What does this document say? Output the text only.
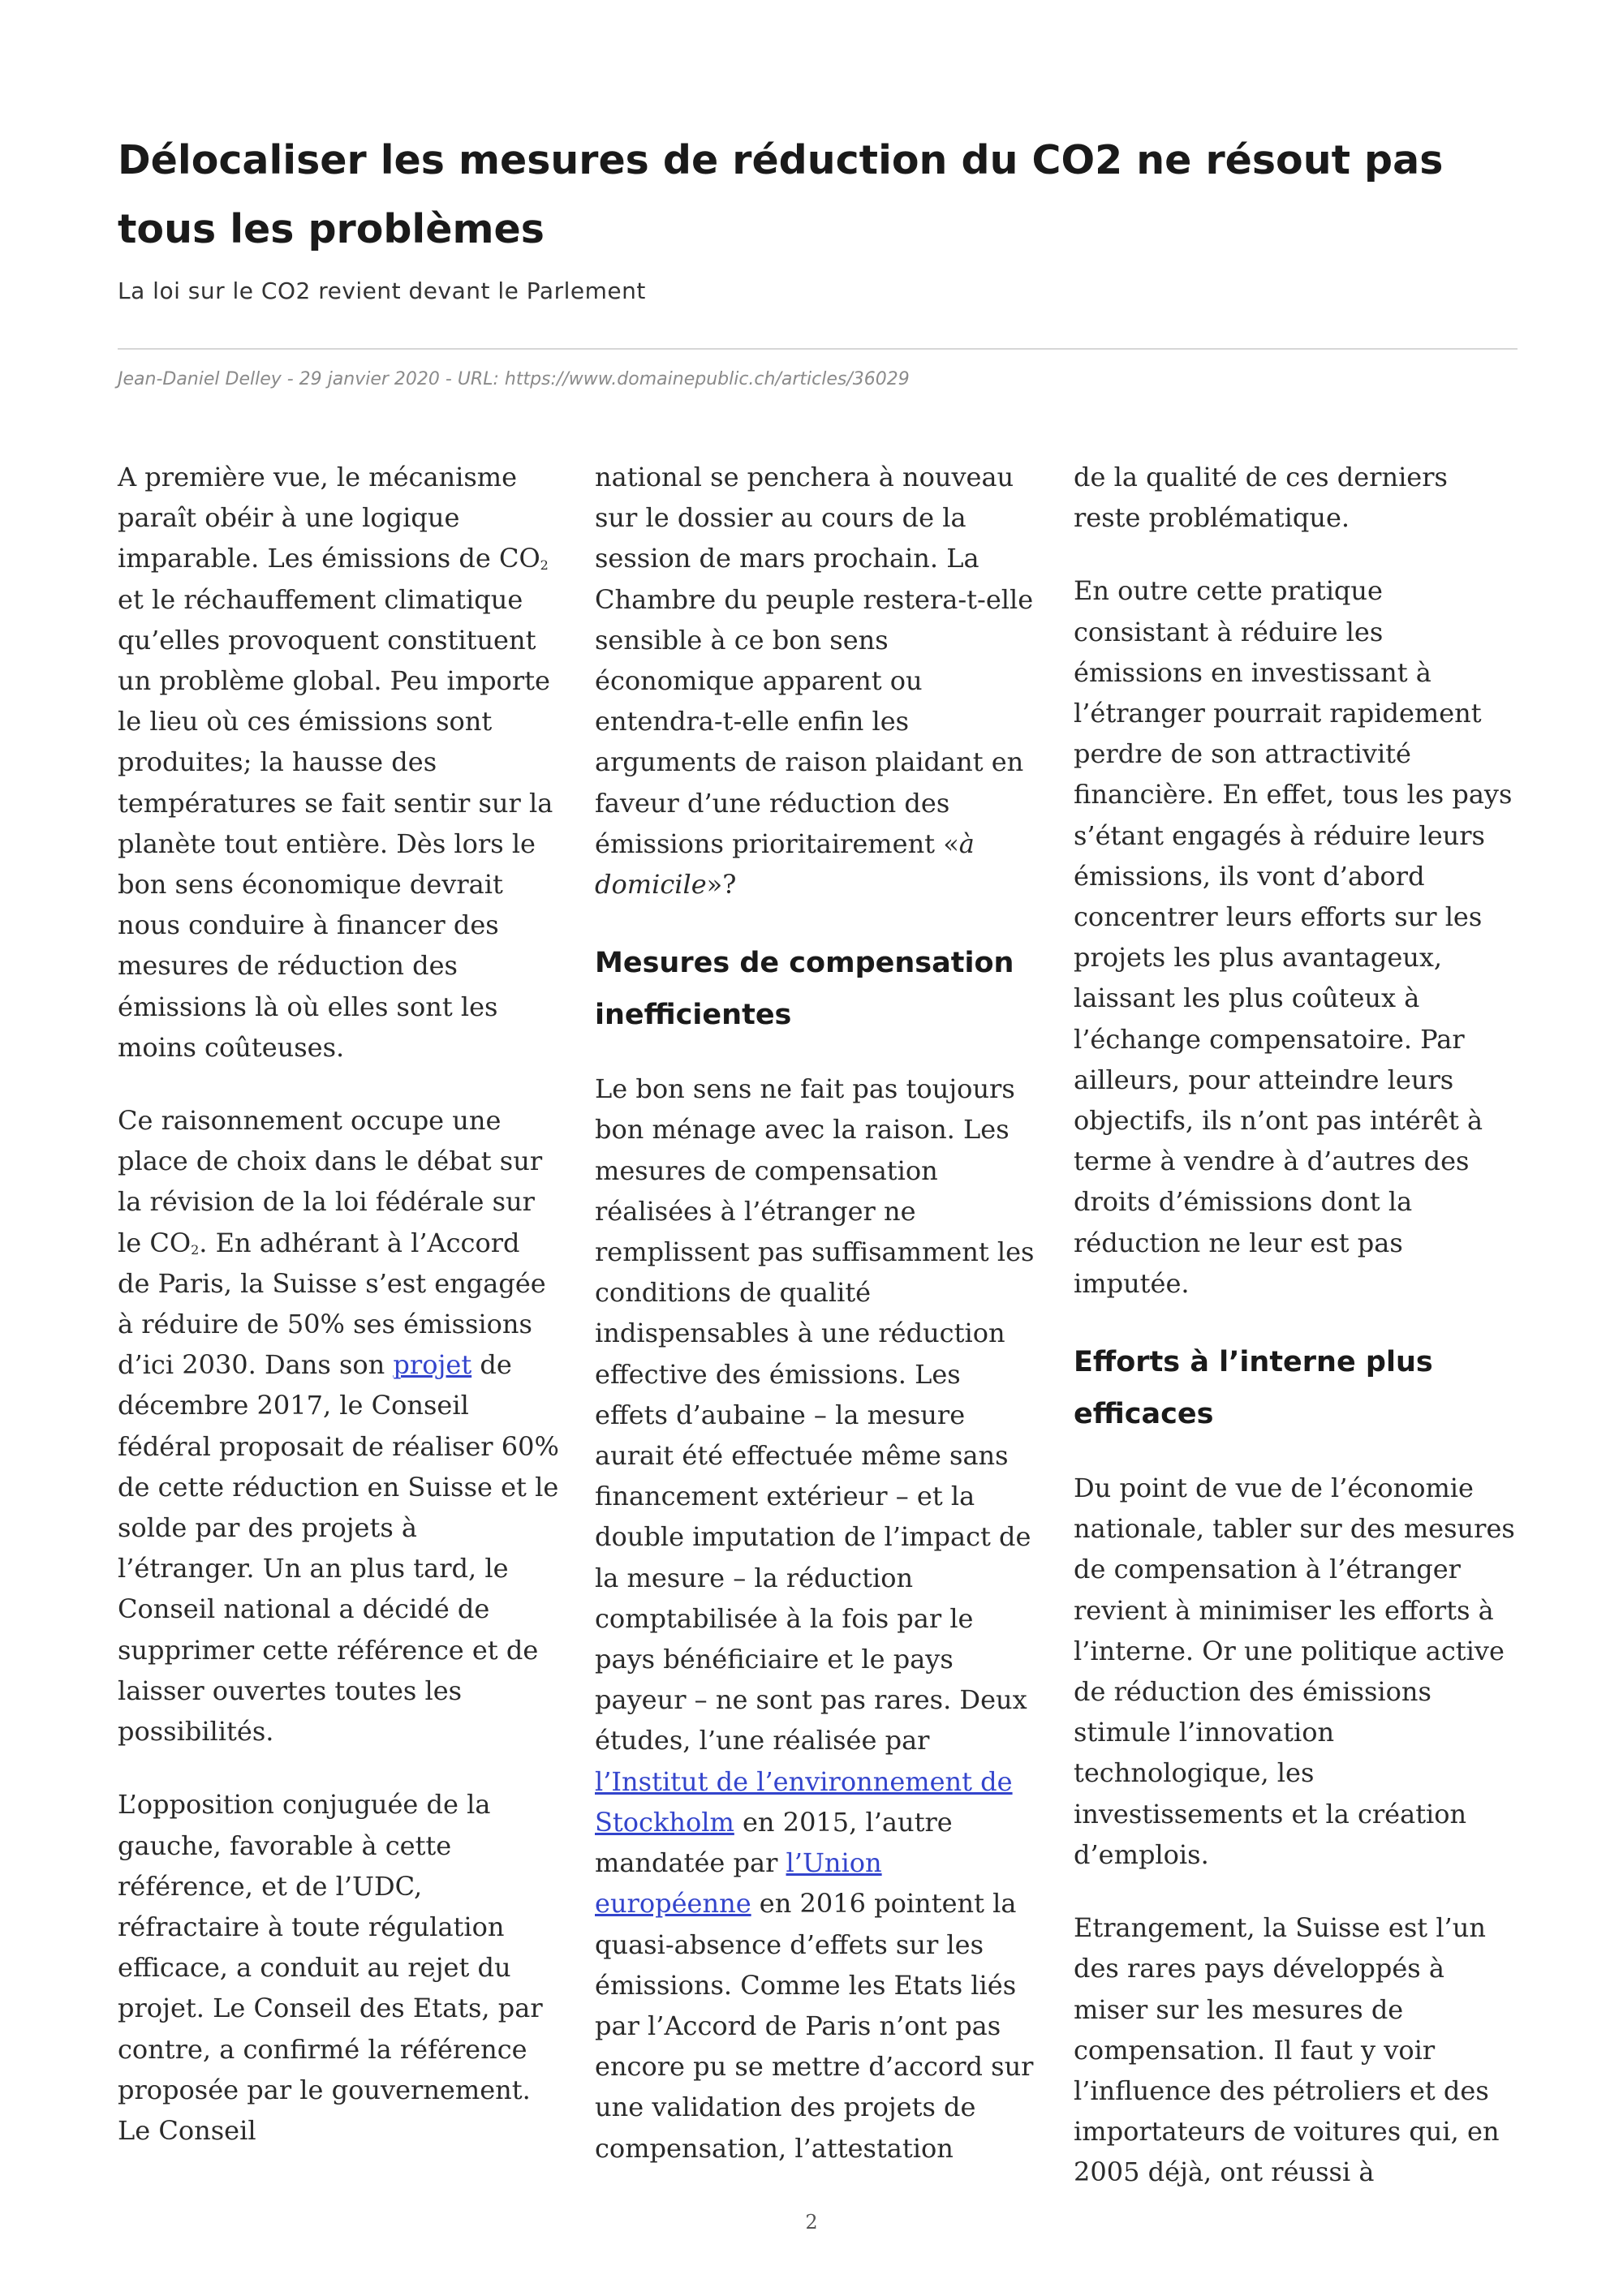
Délocaliser les mesures de réduction du CO2 ne résout pas tous les problèmes

La loi sur le CO2 revient devant le Parlement

Jean-Daniel Delley - 29 janvier 2020 - URL: https://www.domainepublic.ch/articles/36029

A première vue, le mécanisme paraît obéir à une logique imparable. Les émissions de $CO_2$ et le réchauffement climatique qu’elles provoquent constituent un problème global. Peu importe le lieu où ces émissions sont produites; la hausse des températures se fait sentir sur la planète tout entière. Dès lors le bon sens économique devrait nous conduire à financer des mesures de réduction des émissions là où elles sont les moins coûteuses.

Ce raisonnement occupe une place de choix dans le débat sur la révision de la loi fédérale sur le $CO_2$. En adhérant à l’Accord de Paris, la Suisse s’est engagée à réduire de 50% ses émissions d’ici 2030. Dans son projet de décembre 2017, le Conseil fédéral proposait de réaliser 60% de cette réduction en Suisse et le solde par des projets à l’étranger. Un an plus tard, le Conseil national a décidé de supprimer cette référence et de laisser ouvertes toutes les possibilités.

L’opposition conjuguée de la gauche, favorable à cette référence, et de l’UDC, réfractaire à toute régulation efficace, a conduit au rejet du projet. Le Conseil des Etats, par contre, a confirmé la référence proposée par le gouvernement. Le Conseil

national se penchera à nouveau sur le dossier au cours de la session de mars prochain. La Chambre du peuple restera-t-elle sensible à ce bon sens économique apparent ou entendra-t-elle enfin les arguments de raison plaidant en faveur d’une réduction des émissions prioritairement «à domicile»?

Mesures de compensation inefficientes

Le bon sens ne fait pas toujours bon ménage avec la raison. Les mesures de compensation réalisées à l’étranger ne remplissent pas suffisamment les conditions de qualité indispensables à une réduction effective des émissions. Les effets d’aubaine – la mesure aurait été effectuée même sans financement extérieur – et la double imputation de l’impact de la mesure – la réduction comptabilisée à la fois par le pays bénéficiaire et le pays payeur – ne sont pas rares. Deux études, l’une réalisée par l’Institut de l’environnement de Stockholm en 2015, l’autre mandatée par l’Union européenne en 2016 pointent la quasi-absence d’effets sur les émissions. Comme les Etats liés par l’Accord de Paris n’ont pas encore pu se mettre d’accord sur une validation des projets de compensation, l’attestation

de la qualité de ces derniers reste problématique.

En outre cette pratique consistant à réduire les émissions en investissant à l’étranger pourrait rapidement perdre de son attractivité financière. En effet, tous les pays s’étant engagés à réduire leurs émissions, ils vont d’abord concentrer leurs efforts sur les projets les plus avantageux, laissant les plus coûteux à l’échange compensatoire. Par ailleurs, pour atteindre leurs objectifs, ils n’ont pas intérêt à terme à vendre à d’autres des droits d’émissions dont la réduction ne leur est pas imputée.

Efforts à l’interne plus efficaces

Du point de vue de l’économie nationale, tabler sur des mesures de compensation à l’étranger revient à minimiser les efforts à l’interne. Or une politique active de réduction des émissions stimule l’innovation technologique, les investissements et la création d’emplois.

Etrangement, la Suisse est l’un des rares pays développés à miser sur les mesures de compensation. Il faut y voir l’influence des pétroliers et des importateurs de voitures qui, en 2005 déjà, ont réussi à

2
